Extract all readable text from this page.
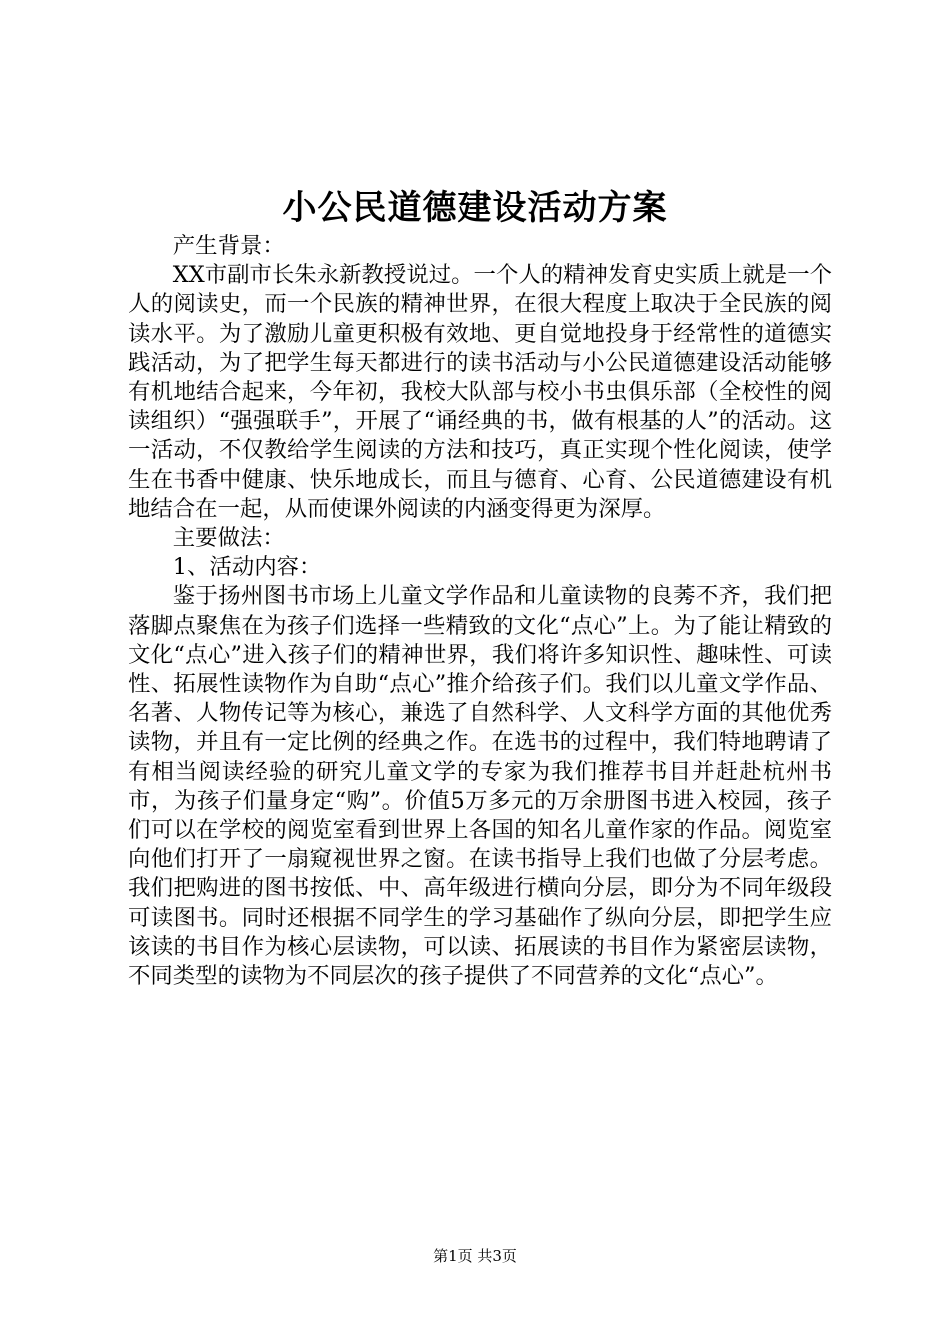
小公民道德建设活动方案

产生背景：

XX市副市长朱永新教授说过。一个人的精神发育史实质上就是一个人的阅读史，而一个民族的精神世界，在很大程度上取决于全民族的阅读水平。为了激励儿童更积极有效地、更自觉地投身于经常性的道德实践活动，为了把学生每天都进行的读书活动与小公民道德建设活动能够有机地结合起来，今年初，我校大队部与校小书虫俱乐部（全校性的阅读组织）“强强联手”，开展了“诵经典的书，做有根基的人”的活动。这一活动，不仅教给学生阅读的方法和技巧，真正实现个性化阅读，使学生在书香中健康、快乐地成长，而且与德育、心育、公民道德建设有机地结合在一起，从而使课外阅读的内涵变得更为深厚。

主要做法：

1、活动内容：

鉴于扬州图书市场上儿童文学作品和儿童读物的良莠不齐，我们把落脚点聚焦在为孩子们选择一些精致的文化“点心”上。为了能让精致的文化“点心”进入孩子们的精神世界，我们将许多知识性、趣味性、可读性、拓展性读物作为自助“点心”推介给孩子们。我们以儿童文学作品、名著、人物传记等为核心，兼选了自然科学、人文科学方面的其他优秀读物，并且有一定比例的经典之作。在选书的过程中，我们特地聘请了有相当阅读经验的研究儿童文学的专家为我们推荐书目并赶赴杭州书市，为孩子们量身定“购”。价值5万多元的万余册图书进入校园，孩子们可以在学校的阅览室看到世界上各国的知名儿童作家的作品。阅览室向他们打开了一扇窥视世界之窗。在读书指导上我们也做了分层考虑。我们把购进的图书按低、中、高年级进行横向分层，即分为不同年级段可读图书。同时还根据不同学生的学习基础作了纵向分层，即把学生应该读的书目作为核心层读物，可以读、拓展读的书目作为紧密层读物，不同类型的读物为不同层次的孩子提供了不同营养的文化“点心”。

第1页 共3页
